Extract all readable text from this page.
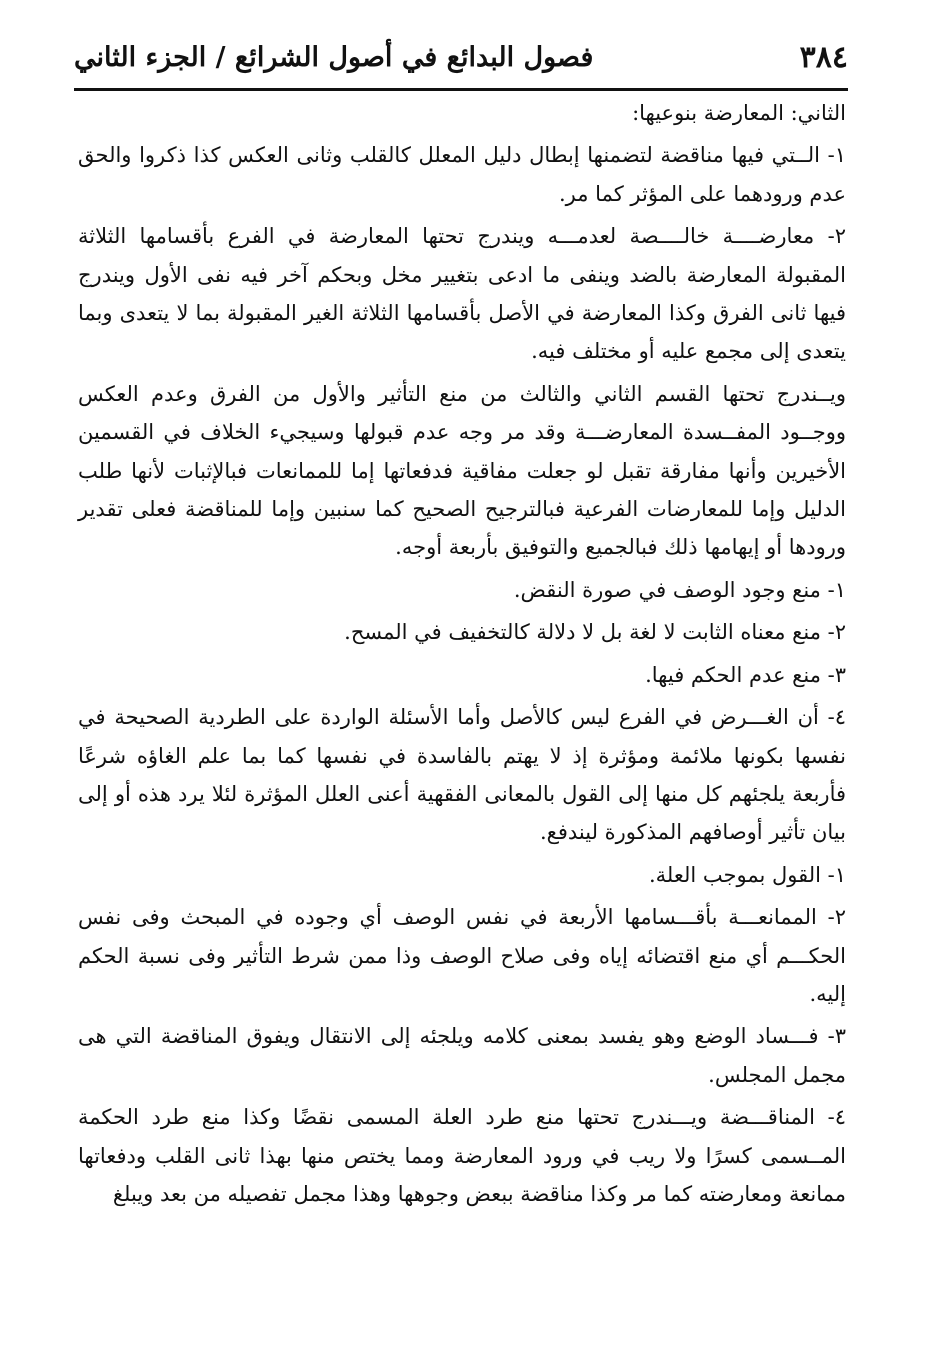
٣٨٤
فصول البدائع في أصول الشرائع / الجزء الثاني

الثاني: المعارضة بنوعيها:

١- الــتي فيها مناقضة لتضمنها إبطال دليل المعلل كالقلب وثانى العكس كذا ذكروا والحق عدم ورودهما على المؤثر كما مر.

٢- معارضــــة خالــــصة لعدمـــه ويندرج تحتها المعارضة في الفرع بأقسامها الثلاثة المقبولة المعارضة بالضد وينفى ما ادعى بتغيير مخل وبحكم آخر فيه نفى الأول ويندرج فيها ثانى الفرق وكذا المعارضة في الأصل بأقسامها الثلاثة الغير المقبولة بما لا يتعدى وبما يتعدى إلى مجمع عليه أو مختلف فيه.

ويــندرج تحتها القسم الثاني والثالث من منع التأثير والأول من الفرق وعدم العكس ووجــود المفــسدة المعارضـــة وقد مر وجه عدم قبولها وسيجيء الخلاف في القسمين الأخيرين وأنها مفارقة تقبل لو جعلت مفاقية فدفعاتها إما للممانعات فبالإثبات لأنها طلب الدليل وإما للمعارضات الفرعية فبالترجيح الصحيح كما سنبين وإما للمناقضة فعلى تقدير ورودها أو إيهامها ذلك فبالجميع والتوفيق بأربعة أوجه.

١- منع وجود الوصف في صورة النقض.

٢- منع معناه الثابت لا لغة بل لا دلالة كالتخفيف في المسح.

٣- منع عدم الحكم فيها.

٤- أن الغـــرض في الفرع ليس كالأصل وأما الأسئلة الواردة على الطردية الصحيحة في نفسها بكونها ملائمة ومؤثرة إذ لا يهتم بالفاسدة في نفسها كما بما علم الغاؤه شرعًا فأربعة يلجئهم كل منها إلى القول بالمعانى الفقهية أعنى العلل المؤثرة لئلا يرد هذه أو إلى بيان تأثير أوصافهم المذكورة ليندفع.

١- القول بموجب العلة.

٢- الممانعـــة بأقـــسامها الأربعة في نفس الوصف أي وجوده في المبحث وفى نفس الحكـــم أي منع اقتضائه إياه وفى صلاح الوصف وذا ممن شرط التأثير وفى نسبة الحكم إليه.

٣- فـــساد الوضع وهو يفسد بمعنى كلامه ويلجئه إلى الانتقال ويفوق المناقضة التي هى مجمل المجلس.

٤- المناقـــضة ويـــندرج تحتها منع طرد العلة المسمى نقضًا وكذا منع طرد الحكمة المــسمى كسرًا ولا ريب في ورود المعارضة ومما يختص منها بهذا ثانى القلب ودفعاتها ممانعة ومعارضته كما مر وكذا مناقضة ببعض وجوهها وهذا مجمل تفصيله من بعد ويبلغ
